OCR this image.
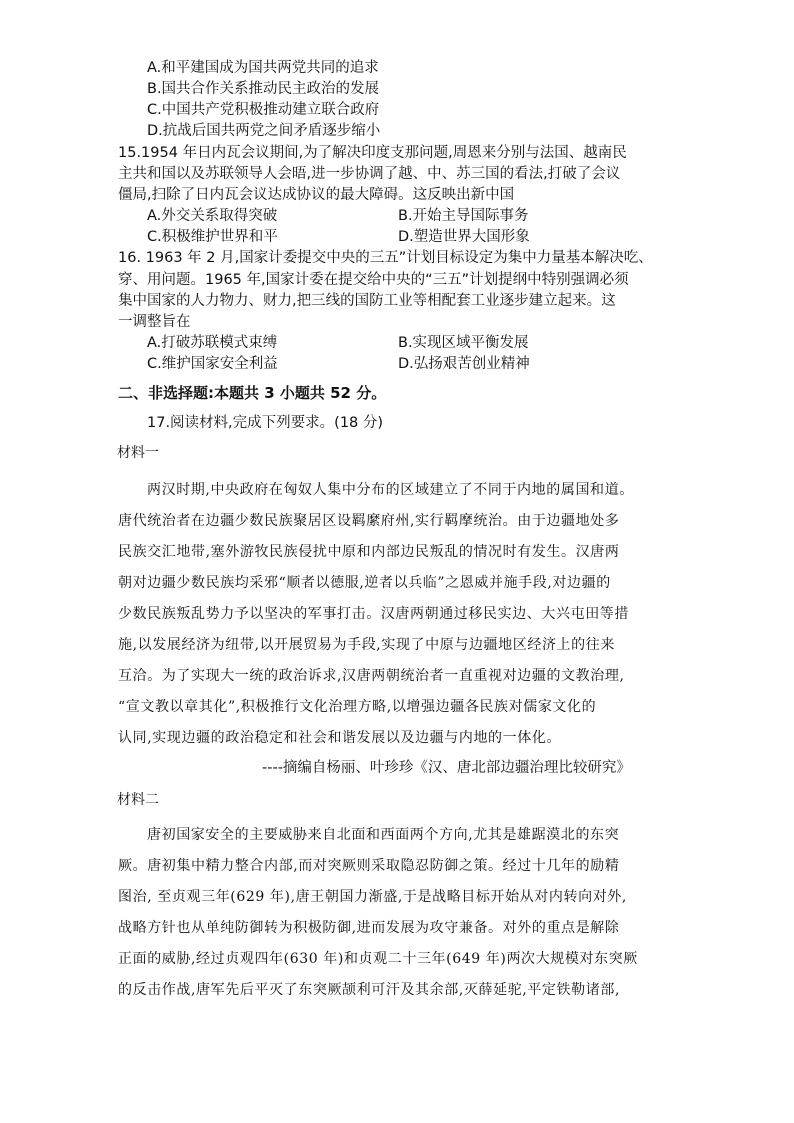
A.和平建国成为国共两党共同的追求
B.国共合作关系推动民主政治的发展
C.中国共产党积极推动建立联合政府
D.抗战后国共两党之间矛盾逐步缩小
15.1954 年日内瓦会议期间,为了解决印度支那问题,周恩来分别与法国、越南民
主共和国以及苏联领导人会晤,进一步协调了越、中、苏三国的看法,打破了会议
僵局,扫除了日内瓦会议达成协议的最大障碍。这反映出新中国
A.外交关系取得突破	B.开始主导国际事务
C.积极维护世界和平	D.塑造世界大国形象
16. 1963 年 2 月,国家计委提交中央的三五”计划目标设定为集中力量基本解决吃、
穿、用问题。1965 年,国家计委在提交给中央的“三五”计划提纲中特别强调必须
集中国家的人力物力、财力,把三线的国防工业等相配套工业逐步建立起来。这
一调整旨在
A.打破苏联模式束缚	B.实现区域平衡发展
C.维护国家安全利益	D.弘扬艰苦创业精神
二、非选择题:本题共 3 小题共 52 分。
17.阅读材料,完成下列要求。(18 分)
材料一
两汉时期,中央政府在匈奴人集中分布的区域建立了不同于内地的属国和道。
唐代统治者在边疆少数民族聚居区设羁縻府州,实行羁摩统治。由于边疆地处多
民族交汇地带,塞外游牧民族侵扰中原和内部边民叛乱的情况时有发生。汉唐两
朝对边疆少数民族均采邪“顺者以德服,逆者以兵临”之恩威并施手段,对边疆的
少数民族叛乱势力予以坚决的军事打击。汉唐两朝通过移民实边、大兴屯田等措
施,以发展经济为纽带,以开展贸易为手段,实现了中原与边疆地区经济上的往来
互洽。为了实现大一统的政治诉求,汉唐两朝统治者一直重视对边疆的文教治理,
“宣文教以章其化”,积极推行文化治理方略,以增强边疆各民族对儒家文化的
认同,实现边疆的政治稳定和社会和谐发展以及边疆与内地的一体化。
----摘编自杨丽、叶珍珍《汉、唐北部边疆治理比较研究》
材料二
唐初国家安全的主要威胁来自北面和西面两个方向,尤其是雄踞漠北的东突
厥。唐初集中精力整合内部,而对突厥则采取隐忍防御之策。经过十几年的励精
图治, 至贞观三年(629 年),唐王朝国力渐盛,于是战略目标开始从对内转向对外,
战略方针也从单纯防御转为积极防御,进而发展为攻守兼备。对外的重点是解除
正面的威胁,经过贞观四年(630 年)和贞观二十三年(649 年)两次大规模对东突厥
的反击作战,唐军先后平灭了东突厥颉利可汗及其余部,灭薛延驼,平定铁勒诸部,
